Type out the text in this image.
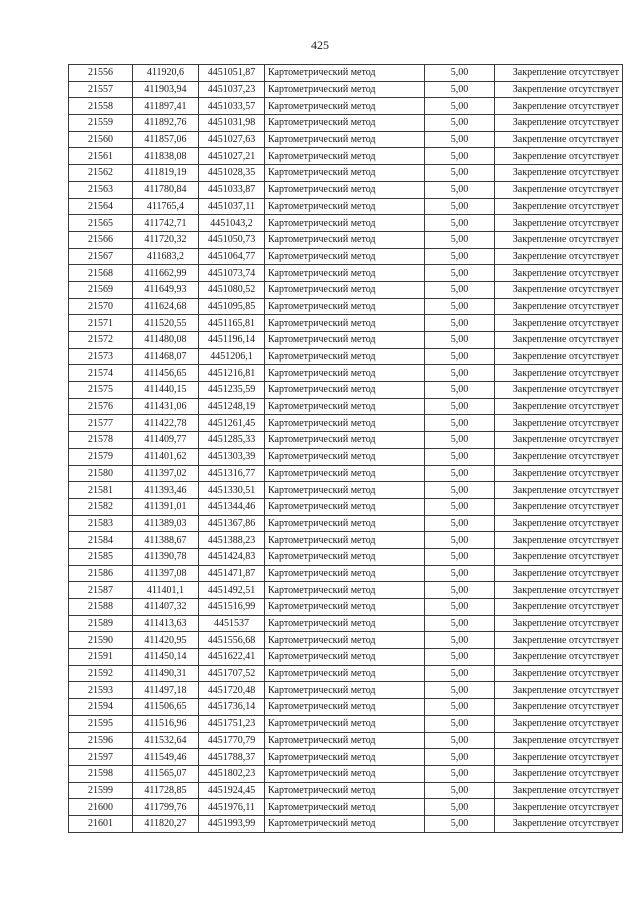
425
21556	411920,6	4451051,87	Картометрический метод	5,00	Закрепление отсутствует
21557	411903,94	4451037,23	Картометрический метод	5,00	Закрепление отсутствует
21558	411897,41	4451033,57	Картометрический метод	5,00	Закрепление отсутствует
21559	411892,76	4451031,98	Картометрический метод	5,00	Закрепление отсутствует
21560	411857,06	4451027,63	Картометрический метод	5,00	Закрепление отсутствует
21561	411838,08	4451027,21	Картометрический метод	5,00	Закрепление отсутствует
21562	411819,19	4451028,35	Картометрический метод	5,00	Закрепление отсутствует
21563	411780,84	4451033,87	Картометрический метод	5,00	Закрепление отсутствует
21564	411765,4	4451037,11	Картометрический метод	5,00	Закрепление отсутствует
21565	411742,71	4451043,2	Картометрический метод	5,00	Закрепление отсутствует
21566	411720,32	4451050,73	Картометрический метод	5,00	Закрепление отсутствует
21567	411683,2	4451064,77	Картометрический метод	5,00	Закрепление отсутствует
21568	411662,99	4451073,74	Картометрический метод	5,00	Закрепление отсутствует
21569	411649,93	4451080,52	Картометрический метод	5,00	Закрепление отсутствует
21570	411624,68	4451095,85	Картометрический метод	5,00	Закрепление отсутствует
21571	411520,55	4451165,81	Картометрический метод	5,00	Закрепление отсутствует
21572	411480,08	4451196,14	Картометрический метод	5,00	Закрепление отсутствует
21573	411468,07	4451206,1	Картометрический метод	5,00	Закрепление отсутствует
21574	411456,65	4451216,81	Картометрический метод	5,00	Закрепление отсутствует
21575	411440,15	4451235,59	Картометрический метод	5,00	Закрепление отсутствует
21576	411431,06	4451248,19	Картометрический метод	5,00	Закрепление отсутствует
21577	411422,78	4451261,45	Картометрический метод	5,00	Закрепление отсутствует
21578	411409,77	4451285,33	Картометрический метод	5,00	Закрепление отсутствует
21579	411401,62	4451303,39	Картометрический метод	5,00	Закрепление отсутствует
21580	411397,02	4451316,77	Картометрический метод	5,00	Закрепление отсутствует
21581	411393,46	4451330,51	Картометрический метод	5,00	Закрепление отсутствует
21582	411391,01	4451344,46	Картометрический метод	5,00	Закрепление отсутствует
21583	411389,03	4451367,86	Картометрический метод	5,00	Закрепление отсутствует
21584	411388,67	4451388,23	Картометрический метод	5,00	Закрепление отсутствует
21585	411390,78	4451424,83	Картометрический метод	5,00	Закрепление отсутствует
21586	411397,08	4451471,87	Картометрический метод	5,00	Закрепление отсутствует
21587	411401,1	4451492,51	Картометрический метод	5,00	Закрепление отсутствует
21588	411407,32	4451516,99	Картометрический метод	5,00	Закрепление отсутствует
21589	411413,63	4451537	Картометрический метод	5,00	Закрепление отсутствует
21590	411420,95	4451556,68	Картометрический метод	5,00	Закрепление отсутствует
21591	411450,14	4451622,41	Картометрический метод	5,00	Закрепление отсутствует
21592	411490,31	4451707,52	Картометрический метод	5,00	Закрепление отсутствует
21593	411497,18	4451720,48	Картометрический метод	5,00	Закрепление отсутствует
21594	411506,65	4451736,14	Картометрический метод	5,00	Закрепление отсутствует
21595	411516,96	4451751,23	Картометрический метод	5,00	Закрепление отсутствует
21596	411532,64	4451770,79	Картометрический метод	5,00	Закрепление отсутствует
21597	411549,46	4451788,37	Картометрический метод	5,00	Закрепление отсутствует
21598	411565,07	4451802,23	Картометрический метод	5,00	Закрепление отсутствует
21599	411728,85	4451924,45	Картометрический метод	5,00	Закрепление отсутствует
21600	411799,76	4451976,11	Картометрический метод	5,00	Закрепление отсутствует
21601	411820,27	4451993,99	Картометрический метод	5,00	Закрепление отсутствует
